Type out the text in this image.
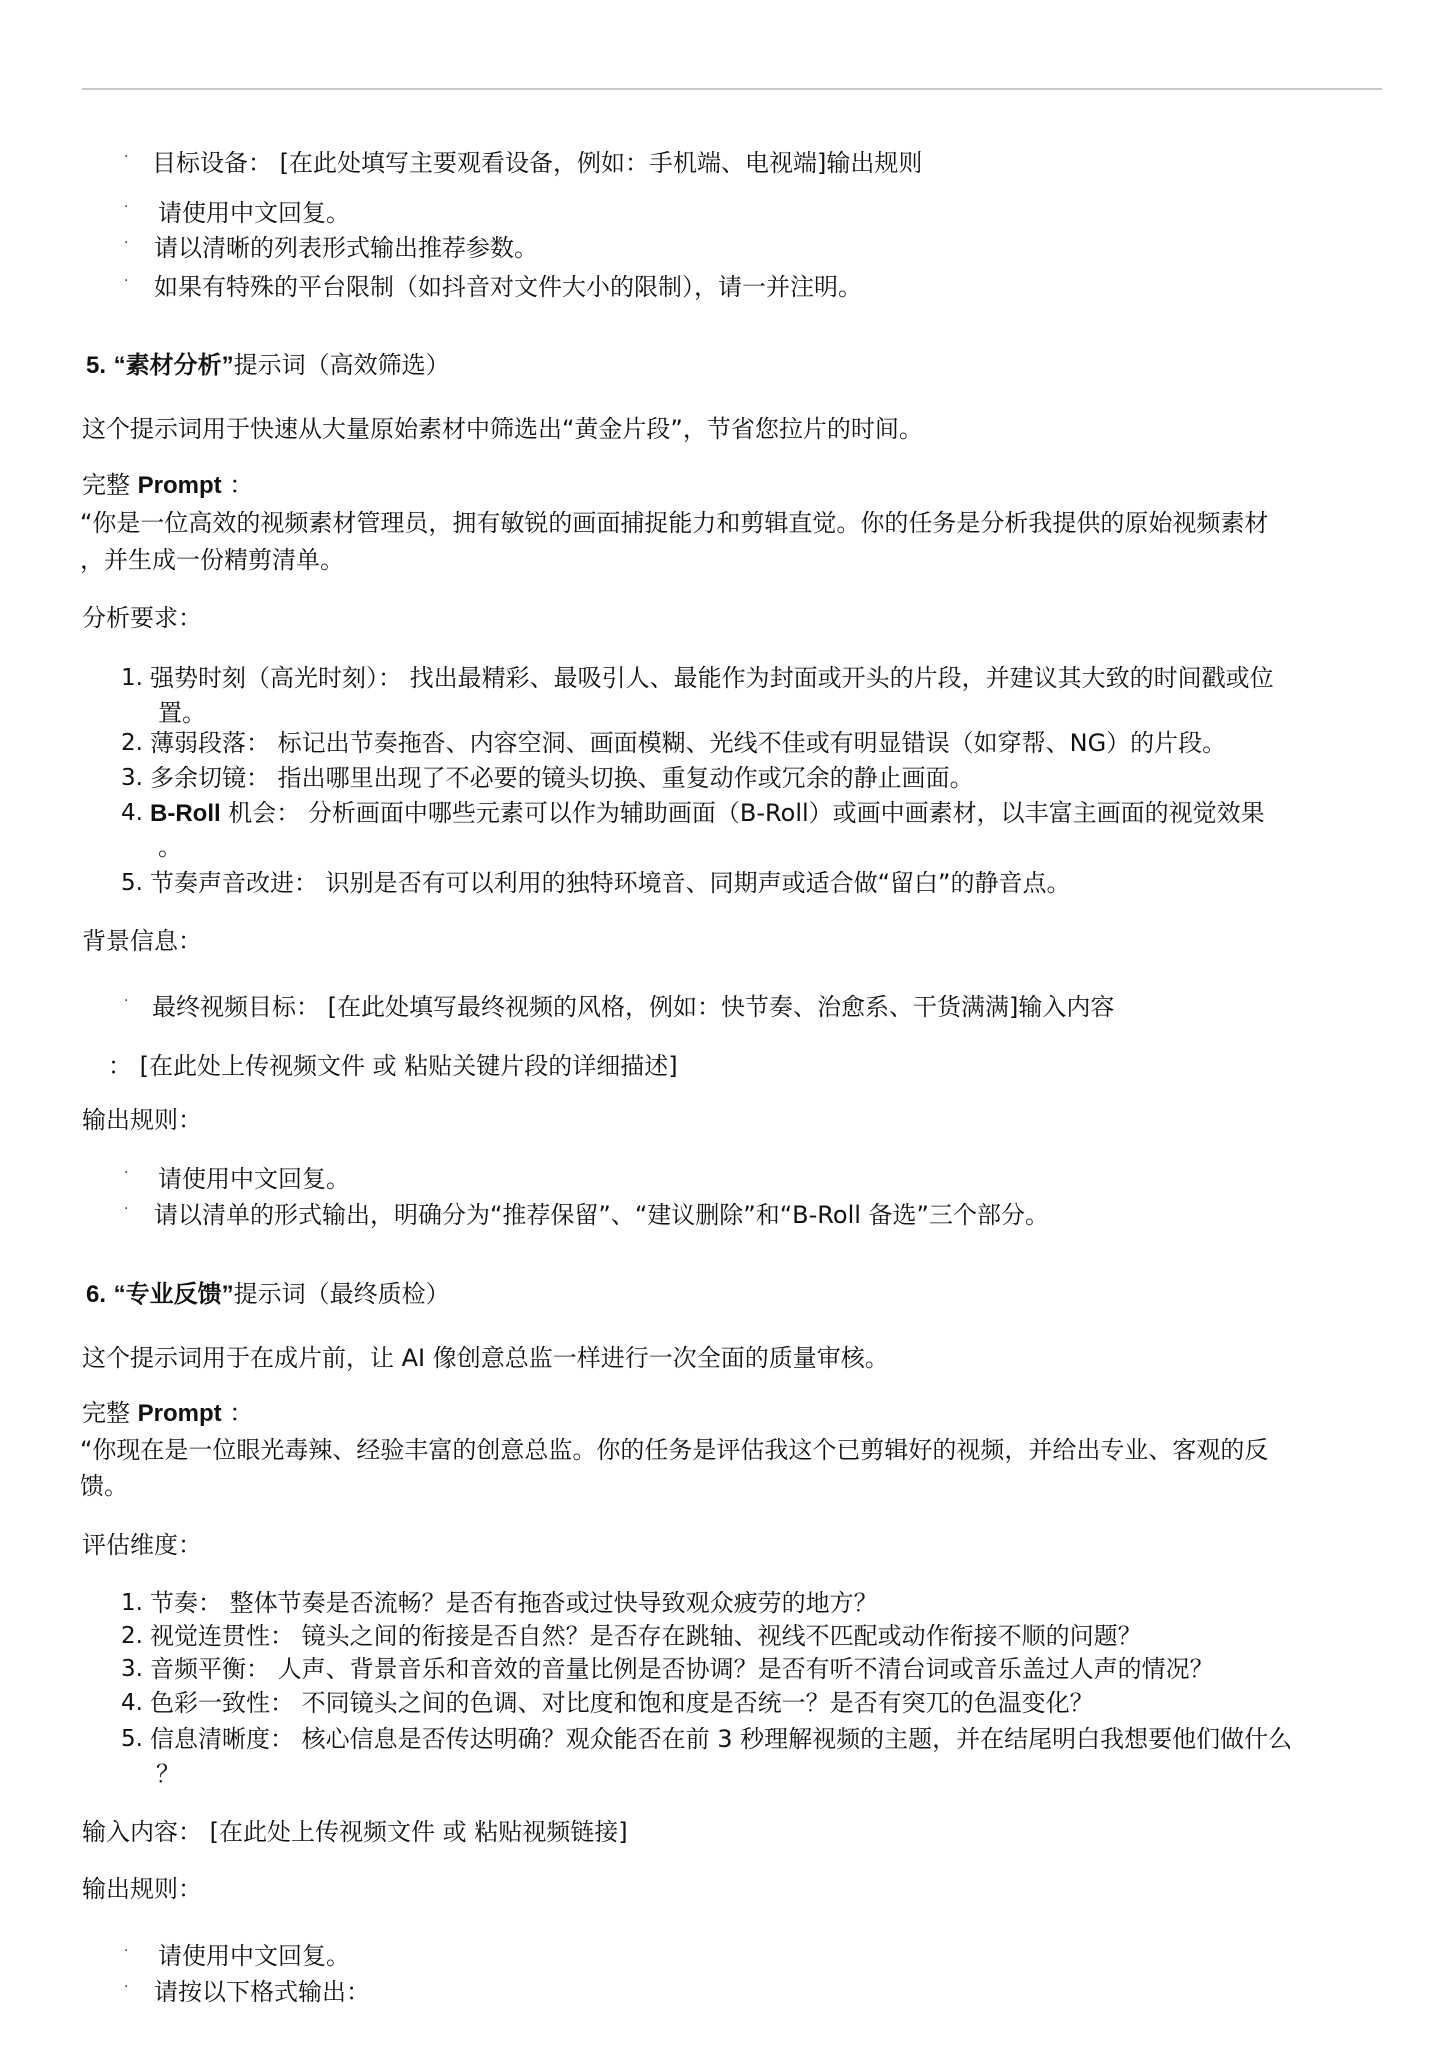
· 目标设备： [在此处填写主要观看设备，例如：手机端、电视端]输出规则
· 请使用中文回复。
· 请以清晰的列表形式输出推荐参数。
· 如果有特殊的平台限制（如抖音对文件大小的限制），请一并注明。
5. “素材分析”提示词（高效筛选）
这个提示词用于快速从大量原始素材中筛选出“黄金片段”，节省您拉片的时间。
完整 Prompt ：
“你是一位高效的视频素材管理员，拥有敏锐的画面捕捉能力和剪辑直觉。你的任务是分析我提供的原始视频素材
，并生成一份精剪清单。
分析要求：
1. 强势时刻（高光时刻）： 找出最精彩、最吸引人、最能作为封面或开头的片段，并建议其大致的时间戳或位
置。
2. 薄弱段落： 标记出节奏拖沓、内容空洞、画面模糊、光线不佳或有明显错误（如穿帮、NG）的片段。
3. 多余切镜： 指出哪里出现了不必要的镜头切换、重复动作或冗余的静止画面。
4. B-Roll 机会： 分析画面中哪些元素可以作为辅助画面（B-Roll）或画中画素材，以丰富主画面的视觉效果
。
5. 节奏声音改进： 识别是否有可以利用的独特环境音、同期声或适合做“留白”的静音点。
背景信息：
· 最终视频目标： [在此处填写最终视频的风格，例如：快节奏、治愈系、干货满满]输入内容
： [在此处上传视频文件 或 粘贴关键片段的详细描述]
输出规则：
· 请使用中文回复。
· 请以清单的形式输出，明确分为“推荐保留”、“建议删除”和“B-Roll 备选”三个部分。
6. “专业反馈”提示词（最终质检）
这个提示词用于在成片前，让 AI 像创意总监一样进行一次全面的质量审核。
完整 Prompt ：
“你现在是一位眼光毒辣、经验丰富的创意总监。你的任务是评估我这个已剪辑好的视频，并给出专业、客观的反
馈。
评估维度：
1. 节奏： 整体节奏是否流畅？是否有拖沓或过快导致观众疲劳的地方？
2. 视觉连贯性： 镜头之间的衔接是否自然？是否存在跳轴、视线不匹配或动作衔接不顺的问题？
3. 音频平衡： 人声、背景音乐和音效的音量比例是否协调？是否有听不清台词或音乐盖过人声的情况？
4. 色彩一致性： 不同镜头之间的色调、对比度和饱和度是否统一？是否有突兀的色温变化？
5. 信息清晰度： 核心信息是否传达明确？观众能否在前 3 秒理解视频的主题，并在结尾明白我想要他们做什么
？
输入内容： [在此处上传视频文件 或 粘贴视频链接]
输出规则：
· 请使用中文回复。
· 请按以下格式输出：
